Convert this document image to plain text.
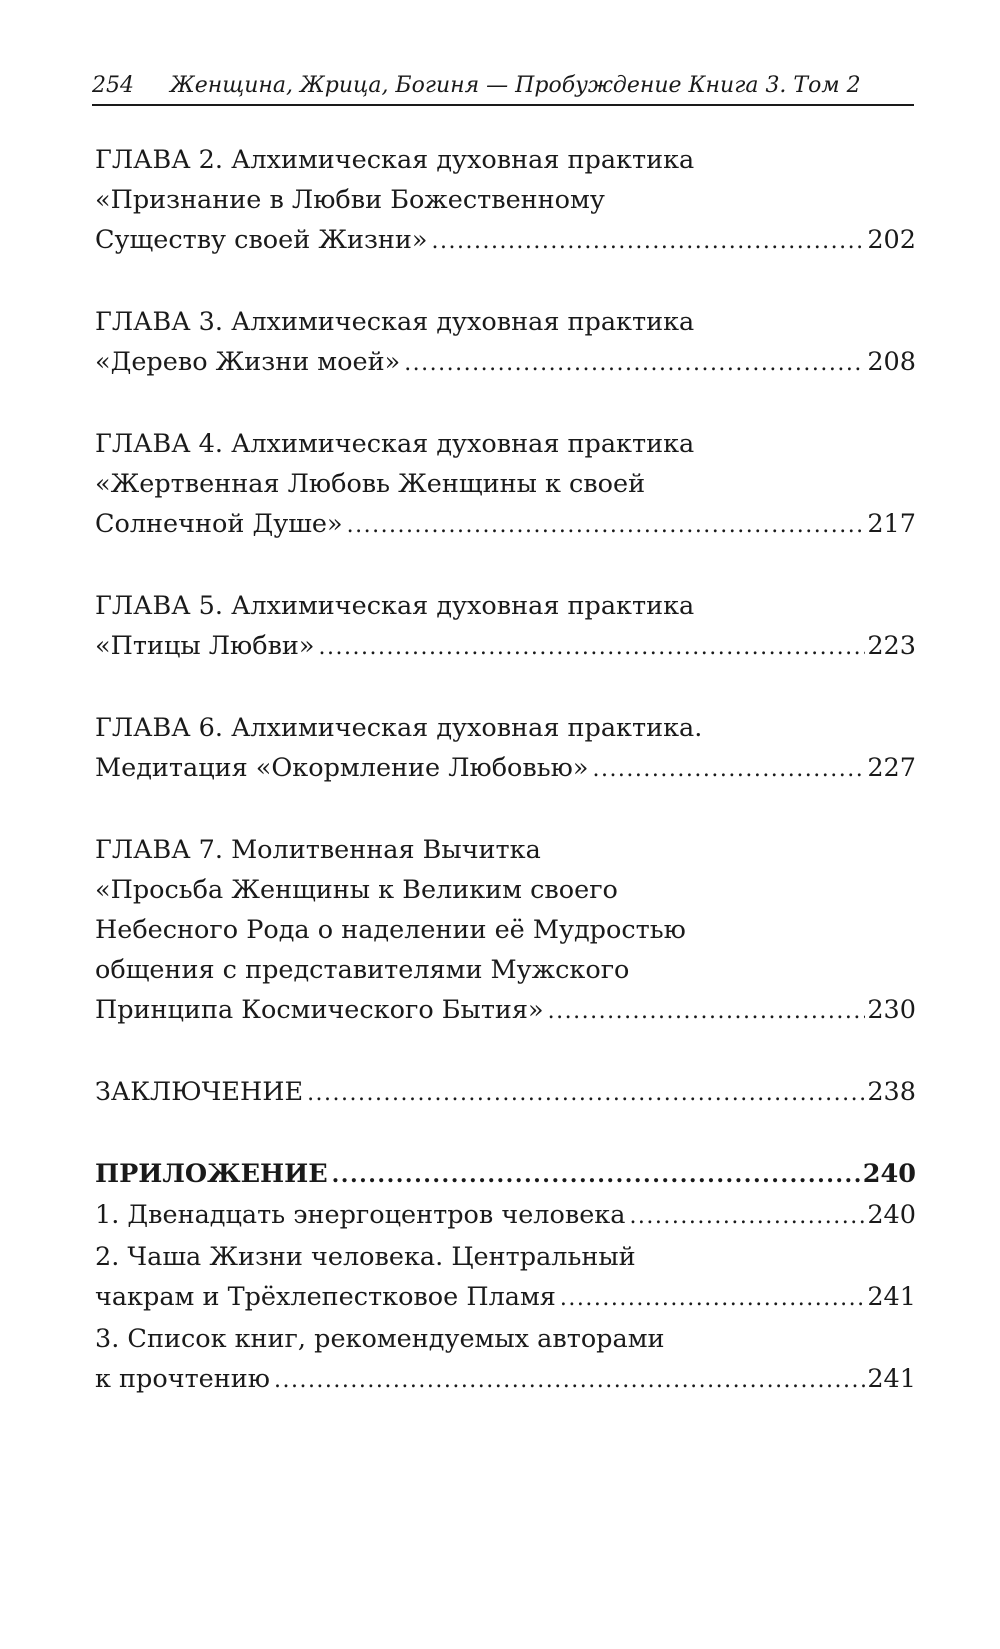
254 Женщина, Жрица, Богиня — Пробуждение Книга 3. Том 2
ГЛАВА 2. Алхимическая духовная практика
«Признание в Любви Божественному
Существу своей Жизни» .....	202
ГЛАВА 3. Алхимическая духовная практика
«Дерево Жизни моей» .....	208
ГЛАВА 4. Алхимическая духовная практика
«Жертвенная Любовь Женщины к своей
Солнечной Душе» .....	217
ГЛАВА 5. Алхимическая духовная практика
«Птицы Любви» .....	223
ГЛАВА 6. Алхимическая духовная практика.
Медитация «Окормление Любовью» .....	227
ГЛАВА 7. Молитвенная Вычитка
«Просьба Женщины к Великим своего
Небесного Рода о наделении её Мудростью
общения с представителями Мужского
Принципа Космического Бытия» .....	230
ЗАКЛЮЧЕНИЕ .....	238
ПРИЛОЖЕНИЕ .....	240
1. Двенадцать энергоцентров человека .....	240
2. Чаша Жизни человека. Центральный
чакрам и Трёхлепестковое Пламя .....	241
3. Список книг, рекомендуемых авторами
к прочтению .....	241
